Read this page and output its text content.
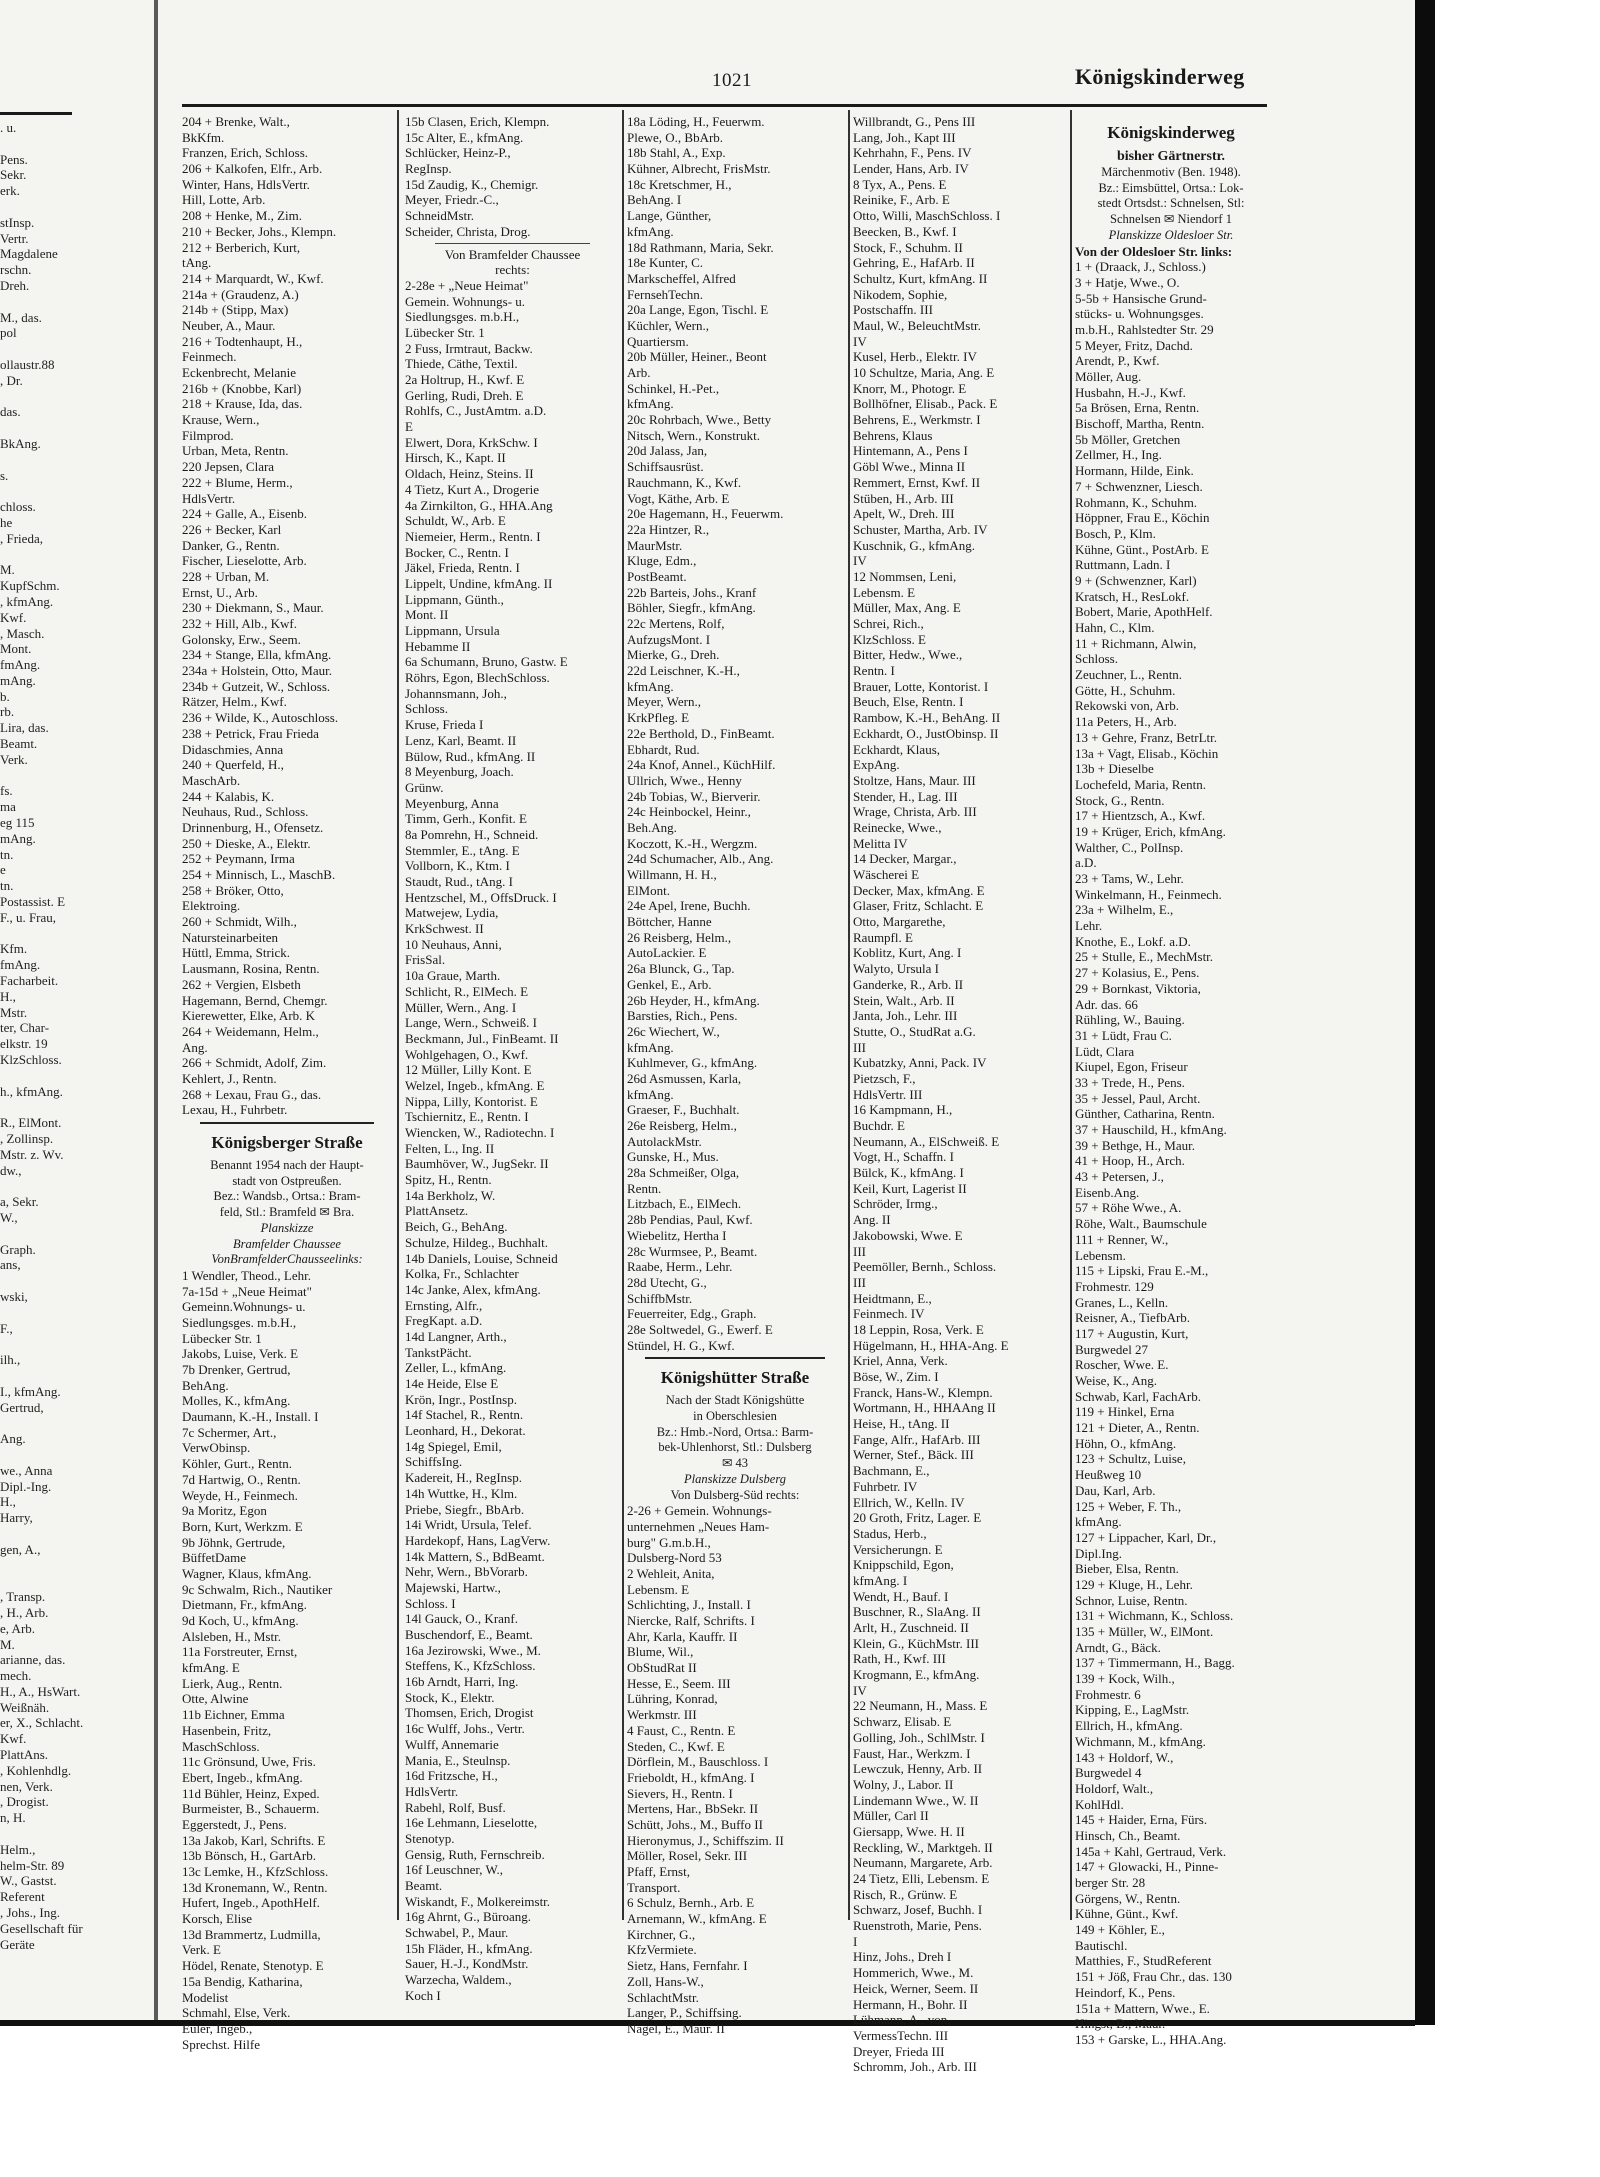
. u.
Pens.
Sekr.
erk.
stInsp.
Vertr.
Magdalene
rschn.
Dreh.
M., das.
pol
ollaustr.88
, Dr.
das.
BkAng.
s.
chloss.
he
, Frieda,
M.
KupfSchm.
, kfmAng.
Kwf.
, Masch.
Mont.
fmAng.
mAng.
b.
rb.
Lira, das.
Beamt.
Verk.
fs.
ma
eg 115
mAng.
tn.
e
tn.
Postassist. E
F., u. Frau,
Kfm.
fmAng.
Facharbeit.
H.,
Mstr.
ter, Char-
elkstr. 19
KlzSchloss.
h., kfmAng.
R., ElMont.
, Zollinsp.
Mstr. z. Wv.
dw.,
a, Sekr.
W.,
Graph.
ans,
wski,
F.,
ilh.,
I., kfmAng.
Gertrud,
Ang.
we., Anna
Dipl.-Ing.
H.,
Harry,
gen, A.,
, Transp.
, H., Arb.
e, Arb.
M.
arianne, das.
mech.
H., A., HsWart.
Weißnäh.
er, X., Schlacht.
Kwf.
PlattAns.
, Kohlenhdlg.
nen, Verk.
, Drogist.
n, H.
Helm.,
helm-Str. 89
W., Gastst.
Referent
, Johs., Ing.
Gesellschaft für
Geräte
1021	Königskinderweg
204 + Brenke, Walt.,
BkKfm.
Franzen, Erich, Schloss.
206 + Kalkofen, Elfr., Arb.
Winter, Hans, HdlsVertr.
Hill, Lotte, Arb.
208 + Henke, M., Zim.
210 + Becker, Johs., Klempn.
212 + Berberich, Kurt,
tAng.
214 + Marquardt, W., Kwf.
214a + (Graudenz, A.)
214b + (Stipp, Max)
Neuber, A., Maur.
216 + Todtenhaupt, H.,
Feinmech.
Eckenbrecht, Melanie
216b + (Knobbe, Karl)
218 + Krause, Ida, das.
Krause, Wern.,
Filmprod.
Urban, Meta, Rentn.
220 Jepsen, Clara
222 + Blume, Herm.,
HdlsVertr.
224 + Galle, A., Eisenb.
226 + Becker, Karl
Danker, G., Rentn.
Fischer, Lieselotte, Arb.
228 + Urban, M.
Ernst, U., Arb.
230 + Diekmann, S., Maur.
232 + Hill, Alb., Kwf.
Golonsky, Erw., Seem.
234 + Stange, Ella, kfmAng.
234a + Holstein, Otto, Maur.
234b + Gutzeit, W., Schloss.
Rätzer, Helm., Kwf.
236 + Wilde, K., Autoschloss.
238 + Petrick, Frau Frieda
Didaschmies, Anna
240 + Querfeld, H.,
MaschArb.
244 + Kalabis, K.
Neuhaus, Rud., Schloss.
Drinnenburg, H., Ofensetz.
250 + Dieske, A., Elektr.
252 + Peymann, Irma
254 + Minnisch, L., MaschB.
258 + Bröker, Otto,
Elektroing.
260 + Schmidt, Wilh.,
Natursteinarbeiten
Hüttl, Emma, Strick.
Lausmann, Rosina, Rentn.
262 + Vergien, Elsbeth
Hagemann, Bernd, Chemgr.
Kierewetter, Elke, Arb. K
264 + Weidemann, Helm.,
Ang.
266 + Schmidt, Adolf, Zim.
Kehlert, J., Rentn.
268 + Lexau, Frau G., das.
Lexau, H., Fuhrbetr.
Königsberger Straße
Benannt 1954 nach der Haupt-
stadt von Ostpreußen.
Bez.: Wandsb., Ortsa.: Bram-
feld, Stl.: Bramfeld ✉ Bra.
Planskizze
Bramfelder Chaussee
VonBramfelderChausseelinks:
1 Wendler, Theod., Lehr.
7a-15d + „Neue Heimat"
Gemeinn.Wohnungs- u.
Siedlungsges. m.b.H.,
Lübecker Str. 1
Jakobs, Luise, Verk. E
7b Drenker, Gertrud,
BehAng.
Molles, K., kfmAng.
Daumann, K.-H., Install. I
7c Schermer, Art.,
VerwObinsp.
Köhler, Gurt., Rentn.
7d Hartwig, O., Rentn.
Weyde, H., Feinmech.
9a Moritz, Egon
Born, Kurt, Werkzm. E
9b Jöhnk, Gertrude,
BüffetDame
Wagner, Klaus, kfmAng.
9c Schwalm, Rich., Nautiker
Dietmann, Fr., kfmAng.
9d Koch, U., kfmAng.
Alsleben, H., Mstr.
11a Forstreuter, Ernst,
kfmAng. E
Lierk, Aug., Rentn.
Otte, Alwine
11b Eichner, Emma
Hasenbein, Fritz,
MaschSchloss.
11c Grönsund, Uwe, Fris.
Ebert, Ingeb., kfmAng.
11d Bühler, Heinz, Exped.
Burmeister, B., Schauerm.
Eggerstedt, J., Pens.
13a Jakob, Karl, Schrifts. E
13b Bönsch, H., GartArb.
13c Lemke, H., KfzSchloss.
13d Kronemann, W., Rentn.
Hufert, Ingeb., ApothHelf.
Korsch, Elise
13d Brammertz, Ludmilla,
Verk. E
Hödel, Renate, Stenotyp. E
15a Bendig, Katharina,
Modelist
Schmahl, Else, Verk.
Euler, Ingeb.,
Sprechst. Hilfe
15b Clasen, Erich, Klempn.
15c Alter, E., kfmAng.
Schlücker, Heinz-P.,
RegInsp.
15d Zaudig, K., Chemigr.
Meyer, Friedr.-C.,
SchneidMstr.
Scheider, Christa, Drog.
Von Bramfelder Chaussee
rechts:
2-28e + „Neue Heimat"
Gemein. Wohnungs- u.
Siedlungsges. m.b.H.,
Lübecker Str. 1
2 Fuss, Irmtraut, Backw.
Thiede, Cäthe, Textil.
2a Holtrup, H., Kwf. E
Gerling, Rudi, Dreh. E
Rohlfs, C., JustAmtm. a.D.
E
Elwert, Dora, KrkSchw. I
Hirsch, K., Kapt. II
Oldach, Heinz, Steins. II
4 Tietz, Kurt A., Drogerie
4a Zirnkilton, G., HHA.Ang
Schuldt, W., Arb. E
Niemeier, Herm., Rentn. I
Bocker, C., Rentn. I
Jäkel, Frieda, Rentn. I
Lippelt, Undine, kfmAng. II
Lippmann, Günth.,
Mont. II
Lippmann, Ursula
Hebamme II
6a Schumann, Bruno, Gastw. E
Röhrs, Egon, BlechSchloss.
Johannsmann, Joh.,
Schloss.
Kruse, Frieda I
Lenz, Karl, Beamt. II
Bülow, Rud., kfmAng. II
8 Meyenburg, Joach.
Grünw.
Meyenburg, Anna
Timm, Gerh., Konfit. E
8a Pomrehn, H., Schneid.
Stemmler, E., tAng. E
Vollborn, K., Ktm. I
Staudt, Rud., tAng. I
Hentzschel, M., OffsDruck. I
Matwejew, Lydia,
KrkSchwest. II
10 Neuhaus, Anni,
FrisSal.
10a Graue, Marth.
Schlicht, R., ElMech. E
Müller, Wern., Ang. I
Lange, Wern., Schweiß. I
Beckmann, Jul., FinBeamt. II
Wohlgehagen, O., Kwf.
12 Müller, Lilly Kont. E
Welzel, Ingeb., kfmAng. E
Nippa, Lilly, Kontorist. E
Tschiernitz, E., Rentn. I
Wiencken, W., Radiotechn. I
Felten, L., Ing. II
Baumhöver, W., JugSekr. II
Spitz, H., Rentn.
14a Berkholz, W.
PlattAnsetz.
Beich, G., BehAng.
Schulze, Hildeg., Buchhalt.
14b Daniels, Louise, Schneid
Kolka, Fr., Schlachter
14c Janke, Alex, kfmAng.
Ernsting, Alfr.,
FregKapt. a.D.
14d Langner, Arth.,
TankstPächt.
Zeller, L., kfmAng.
14e Heide, Else E
Krön, Ingr., PostInsp.
14f Stachel, R., Rentn.
Leonhard, H., Dekorat.
14g Spiegel, Emil,
SchiffsIng.
Kadereit, H., RegInsp.
14h Wuttke, H., Klm.
Priebe, Siegfr., BbArb.
14i Wridt, Ursula, Telef.
Hardekopf, Hans, LagVerw.
14k Mattern, S., BdBeamt.
Nehr, Wern., BbVorarb.
Majewski, Hartw.,
Schloss. I
14l Gauck, O., Kranf.
Buschendorf, E., Beamt.
16a Jezirowski, Wwe., M.
Steffens, K., KfzSchloss.
16b Arndt, Harri, Ing.
Stock, K., Elektr.
Thomsen, Erich, Drogist
16c Wulff, Johs., Vertr.
Wulff, Annemarie
Mania, E., Steulnsp.
16d Fritzsche, H.,
HdlsVertr.
Rabehl, Rolf, Busf.
16e Lehmann, Lieselotte,
Stenotyp.
Gensig, Ruth, Fernschreib.
16f Leuschner, W.,
Beamt.
Wiskandt, F., Molkereimstr.
16g Ahrnt, G., Büroang.
Schwabel, P., Maur.
15h Fläder, H., kfmAng.
Sauer, H.-J., KondMstr.
Warzecha, Waldem.,
Koch I
18a Löding, H., Feuerwm.
Plewe, O., BbArb.
18b Stahl, A., Exp.
Kühner, Albrecht, FrisMstr.
18c Kretschmer, H.,
BehAng. I
Lange, Günther,
kfmAng.
18d Rathmann, Maria, Sekr.
18e Kunter, C.
Markscheffel, Alfred
FernsehTechn.
20a Lange, Egon, Tischl. E
Küchler, Wern.,
Quartiersm.
20b Müller, Heiner., Beont
Arb.
Schinkel, H.-Pet.,
kfmAng.
20c Rohrbach, Wwe., Betty
Nitsch, Wern., Konstrukt.
20d Jalass, Jan,
Schiffsausrüst.
Rauchmann, K., Kwf.
Vogt, Käthe, Arb. E
20e Hagemann, H., Feuerwm.
22a Hintzer, R.,
MaurMstr.
Kluge, Edm.,
PostBeamt.
22b Barteis, Johs., Kranf
Böhler, Siegfr., kfmAng.
22c Mertens, Rolf,
AufzugsMont. I
Mierke, G., Dreh.
22d Leischner, K.-H.,
kfmAng.
Meyer, Wern.,
KrkPfleg. E
22e Berthold, D., FinBeamt.
Ebhardt, Rud.
24a Knof, Annel., KüchHilf.
Ullrich, Wwe., Henny
24b Tobias, W., Bierverir.
24c Heinbockel, Heinr.,
Beh.Ang.
Koczott, K.-H., Wergzm.
24d Schumacher, Alb., Ang.
Willmann, H. H.,
ElMont.
24e Apel, Irene, Buchh.
Böttcher, Hanne
26 Reisberg, Helm.,
AutoLackier. E
26a Blunck, G., Tap.
Genkel, E., Arb.
26b Heyder, H., kfmAng.
Barsties, Rich., Pens.
26c Wiechert, W.,
kfmAng.
Kuhlmever, G., kfmAng.
26d Asmussen, Karla,
kfmAng.
Graeser, F., Buchhalt.
26e Reisberg, Helm.,
AutolackMstr.
Gunske, H., Mus.
28a Schmeißer, Olga,
Rentn.
Litzbach, E., ElMech.
28b Pendias, Paul, Kwf.
Wiebelitz, Hertha I
28c Wurmsee, P., Beamt.
Raabe, Herm., Lehr.
28d Utecht, G.,
SchiffbMstr.
Feuerreiter, Edg., Graph.
28e Soltwedel, G., Ewerf. E
Stündel, H. G., Kwf.
Königshütter Straße
Nach der Stadt Königshütte
in Oberschlesien
Bz.: Hmb.-Nord, Ortsa.: Barm-
bek-Uhlenhorst, Stl.: Dulsberg
✉ 43
Planskizze Dulsberg
Von Dulsberg-Süd rechts:
2-26 + Gemein. Wohnungs-
unternehmen „Neues Ham-
burg" G.m.b.H.,
Dulsberg-Nord 53
2 Wehleit, Anita,
Lebensm. E
Schlichting, J., Install. I
Niercke, Ralf, Schrifts. I
Ahr, Karla, Kauffr. II
Blume, Wil.,
ObStudRat II
Hesse, E., Seem. III
Lühring, Konrad,
Werkmstr. III
4 Faust, C., Rentn. E
Steden, C., Kwf. E
Dörflein, M., Bauschloss. I
Frieboldt, H., kfmAng. I
Sievers, H., Rentn. I
Mertens, Har., BbSekr. II
Schütt, Johs., M., Buffo II
Hieronymus, J., Schiffszim. II
Möller, Rosel, Sekr. III
Pfaff, Ernst,
Transport.
6 Schulz, Bernh., Arb. E
Arnemann, W., kfmAng. E
Kirchner, G.,
KfzVermiete.
Sietz, Hans, Fernfahr. I
Zoll, Hans-W.,
SchlachtMstr.
Langer, P., Schiffsing.
Nagel, E., Maur. II
Willbrandt, G., Pens III
Lang, Joh., Kapt III
Kehrhahn, F., Pens. IV
Lender, Hans, Arb. IV
8 Tyx, A., Pens. E
Reinike, F., Arb. E
Otto, Willi, MaschSchloss. I
Beecken, B., Kwf. I
Stock, F., Schuhm. II
Gehring, E., HafArb. II
Schultz, Kurt, kfmAng. II
Nikodem, Sophie,
Postschaffn. III
Maul, W., BeleuchtMstr.
IV
Kusel, Herb., Elektr. IV
10 Schultze, Maria, Ang. E
Knorr, M., Photogr. E
Bollhöfner, Elisab., Pack. E
Behrens, E., Werkmstr. I
Behrens, Klaus
Hintemann, A., Pens I
Göbl Wwe., Minna II
Remmert, Ernst, Kwf. II
Stüben, H., Arb. III
Apelt, W., Dreh. III
Schuster, Martha, Arb. IV
Kuschnik, G., kfmAng.
IV
12 Nommsen, Leni,
Lebensm. E
Müller, Max, Ang. E
Schrei, Rich.,
KlzSchloss. E
Bitter, Hedw., Wwe.,
Rentn. I
Brauer, Lotte, Kontorist. I
Beuch, Else, Rentn. I
Rambow, K.-H., BehAng. II
Eckhardt, O., JustObinsp. II
Eckhardt, Klaus,
ExpAng.
Stoltze, Hans, Maur. III
Stender, H., Lag. III
Wrage, Christa, Arb. III
Reinecke, Wwe.,
Melitta IV
14 Decker, Margar.,
Wäscherei E
Decker, Max, kfmAng. E
Glaser, Fritz, Schlacht. E
Otto, Margarethe,
Raumpfl. E
Koblitz, Kurt, Ang. I
Walyto, Ursula I
Ganderke, R., Arb. II
Stein, Walt., Arb. II
Janta, Joh., Lehr. III
Stutte, O., StudRat a.G.
III
Kubatzky, Anni, Pack. IV
Pietzsch, F.,
HdlsVertr. III
16 Kampmann, H.,
Buchdr. E
Neumann, A., ElSchweiß. E
Vogt, H., Schaffn. I
Bülck, K., kfmAng. I
Keil, Kurt, Lagerist II
Schröder, Irmg.,
Ang. II
Jakobowski, Wwe. E
III
Peemöller, Bernh., Schloss.
III
Heidtmann, E.,
Feinmech. IV
18 Leppin, Rosa, Verk. E
Hügelmann, H., HHA-Ang. E
Kriel, Anna, Verk.
Böse, W., Zim. I
Franck, Hans-W., Klempn.
Wortmann, H., HHAAng II
Heise, H., tAng. II
Fange, Alfr., HafArb. III
Werner, Stef., Bäck. III
Bachmann, E.,
Fuhrbetr. IV
Ellrich, W., Kelln. IV
20 Groth, Fritz, Lager. E
Stadus, Herb.,
Versicherungn. E
Knippschild, Egon,
kfmAng. I
Wendt, H., Bauf. I
Buschner, R., SlaAng. II
Arlt, H., Zuschneid. II
Klein, G., KüchMstr. III
Rath, H., Kwf. III
Krogmann, E., kfmAng.
IV
22 Neumann, H., Mass. E
Schwarz, Elisab. E
Golling, Joh., SchlMstr. I
Faust, Har., Werkzm. I
Lewczuk, Henny, Arb. II
Wolny, J., Labor. II
Lindemann Wwe., W. II
Müller, Carl II
Giersapp, Wwe. H. II
Reckling, W., Marktgeh. II
Neumann, Margarete, Arb.
24 Tietz, Elli, Lebensm. E
Risch, R., Grünw. E
Schwarz, Josef, Buchh. I
Ruenstroth, Marie, Pens.
I
Hinz, Johs., Dreh I
Hommerich, Wwe., M.
Heick, Werner, Seem. II
Hermann, H., Bohr. II
Lühmann, A., von,
VermessTechn. III
Dreyer, Frieda III
Schromm, Joh., Arb. III
Königskinderweg
bisher Gärtnerstr.
Märchenmotiv (Ben. 1948).
Bz.: Eimsbüttel, Ortsa.: Lok-
stedt Ortsdst.: Schnelsen, Stl:
Schnelsen ✉ Niendorf 1
Planskizze Oldesloer Str.
Von der Oldesloer Str. links:
1 + (Draack, J., Schloss.)
3 + Hatje, Wwe., O.
5-5b + Hansische Grund-
stücks- u. Wohnungsges.
m.b.H., Rahlstedter Str. 29
5 Meyer, Fritz, Dachd.
Arendt, P., Kwf.
Möller, Aug.
Husbahn, H.-J., Kwf.
5a Brösen, Erna, Rentn.
Bischoff, Martha, Rentn.
5b Möller, Gretchen
Zellmer, H., Ing.
Hormann, Hilde, Eink.
7 + Schwenzner, Liesch.
Rohmann, K., Schuhm.
Höppner, Frau E., Köchin
Bosch, P., Klm.
Kühne, Günt., PostArb. E
Ruttmann, Ladn. I
9 + (Schwenzner, Karl)
Kratsch, H., ResLokf.
Bobert, Marie, ApothHelf.
Hahn, C., Klm.
11 + Richmann, Alwin,
Schloss.
Zeuchner, L., Rentn.
Götte, H., Schuhm.
Rekowski von, Arb.
11a Peters, H., Arb.
13 + Gehre, Franz, BetrLtr.
13a + Vagt, Elisab., Köchin
13b + Dieselbe
Lochefeld, Maria, Rentn.
Stock, G., Rentn.
17 + Hientzsch, A., Kwf.
19 + Krüger, Erich, kfmAng.
Walther, C., PolInsp.
a.D.
23 + Tams, W., Lehr.
Winkelmann, H., Feinmech.
23a + Wilhelm, E.,
Lehr.
Knothe, E., Lokf. a.D.
25 + Stulle, E., MechMstr.
27 + Kolasius, E., Pens.
29 + Bornkast, Viktoria,
Adr. das. 66
Rühling, W., Bauing.
31 + Lüdt, Frau C.
Lüdt, Clara
Kiupel, Egon, Friseur
33 + Trede, H., Pens.
35 + Jessel, Paul, Archt.
Günther, Catharina, Rentn.
37 + Hauschild, H., kfmAng.
39 + Bethge, H., Maur.
41 + Hoop, H., Arch.
43 + Petersen, J.,
Eisenb.Ang.
57 + Röhe Wwe., A.
Röhe, Walt., Baumschule
111 + Renner, W.,
Lebensm.
115 + Lipski, Frau E.-M.,
Frohmestr. 129
Granes, L., Kelln.
Reisner, A., TiefbArb.
117 + Augustin, Kurt,
Burgwedel 27
Roscher, Wwe. E.
Weise, K., Ang.
Schwab, Karl, FachArb.
119 + Hinkel, Erna
121 + Dieter, A., Rentn.
Höhn, O., kfmAng.
123 + Schultz, Luise,
Heußweg 10
Dau, Karl, Arb.
125 + Weber, F. Th.,
kfmAng.
127 + Lippacher, Karl, Dr.,
Dipl.Ing.
Bieber, Elsa, Rentn.
129 + Kluge, H., Lehr.
Schnor, Luise, Rentn.
131 + Wichmann, K., Schloss.
135 + Müller, W., ElMont.
Arndt, G., Bäck.
137 + Timmermann, H., Bagg.
139 + Kock, Wilh.,
Frohmestr. 6
Kipping, E., LagMstr.
Ellrich, H., kfmAng.
Wichmann, M., kfmAng.
143 + Holdorf, W.,
Burgwedel 4
Holdorf, Walt.,
KohlHdl.
145 + Haider, Erna, Fürs.
Hinsch, Ch., Beamt.
145a + Kahl, Gertraud, Verk.
147 + Glowacki, H., Pinne-
berger Str. 28
Görgens, W., Rentn.
Kühne, Günt., Kwf.
149 + Köhler, E.,
Bautischl.
Matthies, F., StudReferent
151 + Jöß, Frau Chr., das. 130
Heindorf, K., Pens.
151a + Mattern, Wwe., E.
Hingst, B., Maur.
153 + Garske, L., HHA.Ang.
